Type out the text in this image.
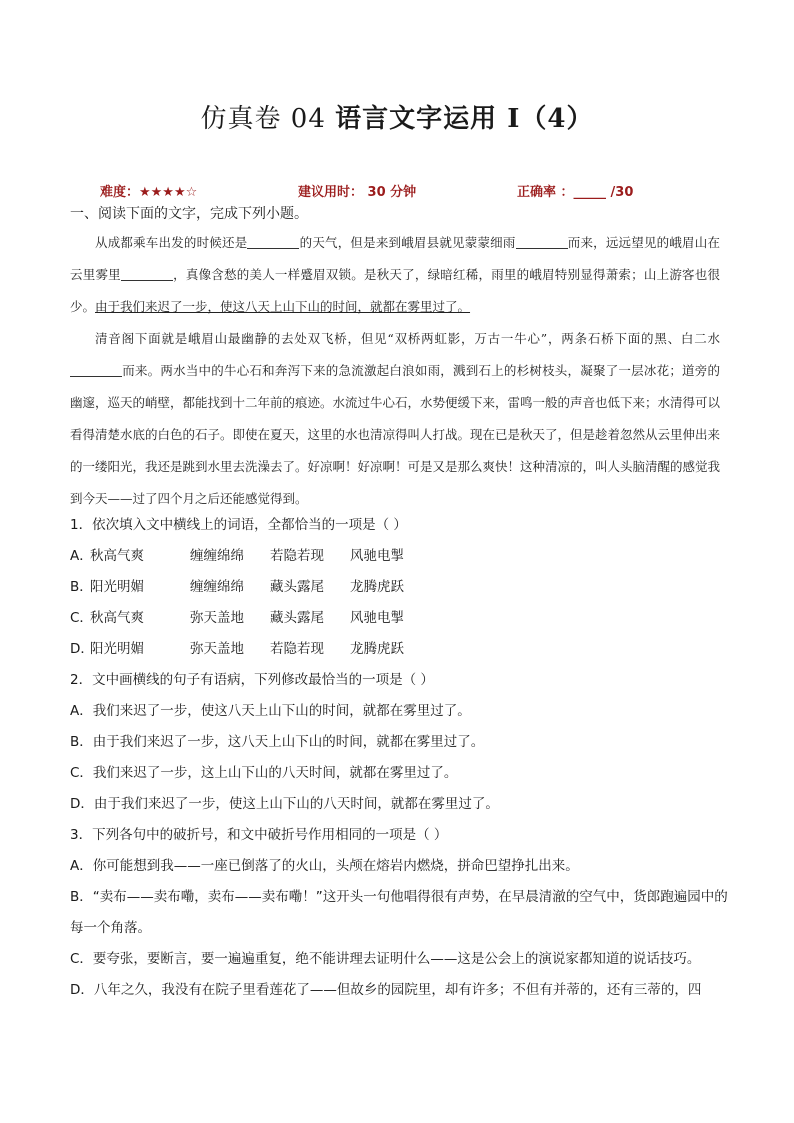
仿真卷 04 语言文字运用 I（4）
难度：★★★★☆	建议用时： 30 分钟	正确率 ：_____ /30
一、阅读下面的文字，完成下列小题。

从成都乘车出发的时候还是	的天气，但是来到峨眉县就见蒙蒙细雨	而来，远远望见的峨眉山在云里雾里	，真像含愁的美人一样蹙眉双锁。是秋天了，绿暗红稀，雨里的峨眉特别显得萧索；山上游客也很少。由于我们来迟了一步，使这八天上山下山的时间，就都在雾里过了。

清音阁下面就是峨眉山最幽静的去处双飞桥，但见“双桥两虹影，万古一牛心”，两条石桥下面的黑、白二水而来。两水当中的牛心石和奔泻下来的急流激起白浪如雨，溅到石上的杉树枝头，凝聚了一层冰花；道旁的幽邃，巡天的峭壁，都能找到十二年前的痕迹。水流过牛心石，水势便缓下来，雷鸣一般的声音也低下来；水清得可以看得清楚水底的白色的石子。即使在夏天，这里的水也清凉得叫人打战。现在已是秋天了，但是趁着忽然从云里伸出来的一缕阳光，我还是跳到水里去洗澡去了。好凉啊！好凉啊！可是又是那么爽快！这种清凉的，叫人头脑清醒的感觉我到今天——过了四个月之后还能感觉得到。

1．依次填入文中横线上的词语，全都恰当的一项是（ ）
A．秋高气爽	缠缠绵绵 若隐若现 风驰电掣
B．阳光明媚	缠缠绵绵 藏头露尾 龙腾虎跃
C．秋高气爽	弥天盖地 藏头露尾 风驰电掣
D．阳光明媚	弥天盖地 若隐若现 龙腾虎跃
2．文中画横线的句子有语病，下列修改最恰当的一项是（ ）
A．我们来迟了一步，使这八天上山下山的时间，就都在雾里过了。
B．由于我们来迟了一步，这八天上山下山的时间，就都在雾里过了。
C．我们来迟了一步，这上山下山的八天时间，就都在雾里过了。
D．由于我们来迟了一步，使这上山下山的八天时间，就都在雾里过了。
3．下列各句中的破折号，和文中破折号作用相同的一项是（ ）
A．你可能想到我——一座已倒落了的火山，头颅在熔岩内燃烧，拼命巴望挣扎出来。
B．“卖布——卖布嘞，卖布——卖布嘞！”这开头一句他唱得很有声势，在早晨清澈的空气中，货郎跑遍园中的每一个角落。
C．要夸张，要断言，要一遍遍重复，绝不能讲理去证明什么——这是公会上的演说家都知道的说话技巧。
D．八年之久，我没有在院子里看莲花了——但故乡的园院里，却有许多；不但有并蒂的，还有三蒂的，四
